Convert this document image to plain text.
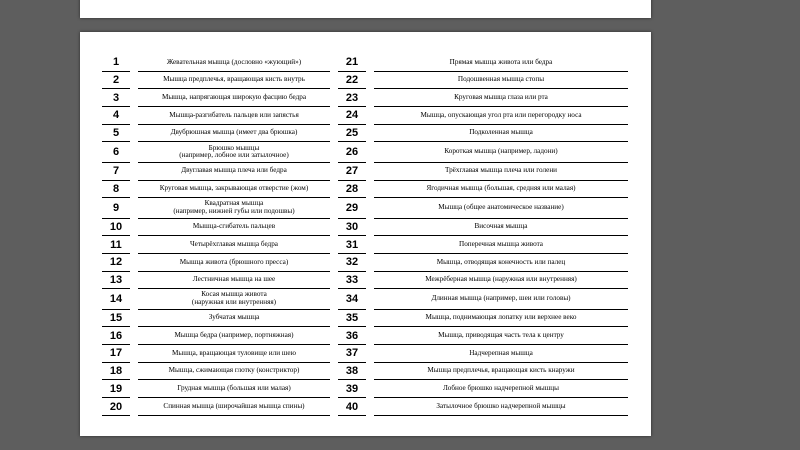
1	Жевательная мышца (дословно «жующий»)
2	Мышца предплечья, вращающая кисть внутрь
3	Мышца, напрягающая широкую фасцию бедра
4	Мышца-разгибатель пальцев или запястья
5	Двубрюшная мышца (имеет два брюшка)
6	Брюшко мышцы
(например, лобное или затылочное)
7	Двуглавая мышца плеча или бедра
8	Круговая мышца, закрывающая отверстие (жом)
9	Квадратная мышца
(например, нижней губы или подошвы)
10	Мышца-сгибатель пальцев
11	Четырёхглавая мышца бедра
12	Мышца живота (брюшного пресса)
13	Лестничная мышца на шее
14	Косая мышца живота
(наружная или внутренняя)
15	Зубчатая мышца
16	Мышца бедра (например, портняжная)
17	Мышца, вращающая туловище или шею
18	Мышца, сжимающая глотку (констриктор)
19	Грудная мышца (большая или малая)
20	Спинная мышца (широчайшая мышца спины)
21	Прямая мышца живота или бедра
22	Подошвенная мышца стопы
23	Круговая мышца глаза или рта
24	Мышца, опускающая угол рта или перегородку носа
25	Подколенная мышца
26	Короткая мышца (например, ладони)
27	Трёхглавая мышца плеча или голени
28	Ягодичная мышца (большая, средняя или малая)
29	Мышца (общее анатомическое название)
30	Височная мышца
31	Поперечная мышца живота
32	Мышца, отводящая конечность или палец
33	Межрёберная мышца (наружная или внутренняя)
34	Длинная мышца (например, шеи или головы)
35	Мышца, поднимающая лопатку или верхнее веко
36	Мышца, приводящая часть тела к центру
37	Надчерепная мышца
38	Мышца предплечья, вращающая кисть кнаружи
39	Лобное брюшко надчерепной мышцы
40	Затылочное брюшко надчерепной мышцы
